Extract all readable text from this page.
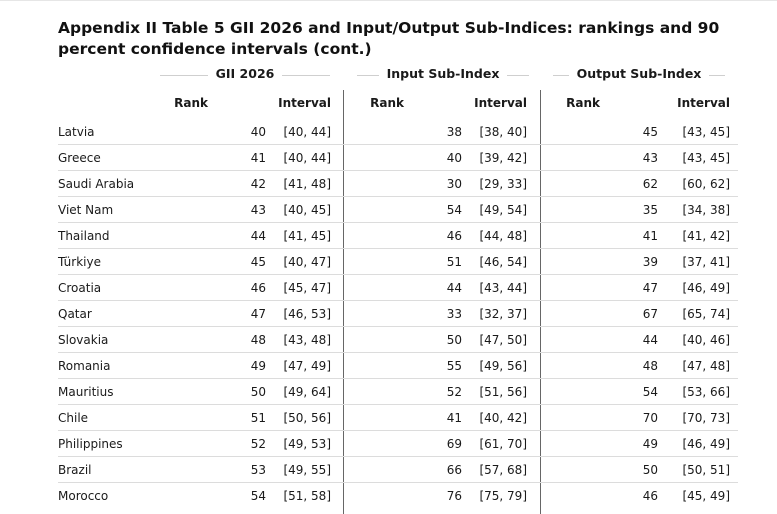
Appendix II Table 5 GII 2026 and Input/Output Sub-Indices: rankings and 90 percent confidence intervals (cont.)
GII 2026	Input Sub-Index	Output Sub-Index
Rank	Interval	Rank	Interval	Rank	Interval
Latvia	40 [40, 44]	38 [38, 40]	45 [43, 45]
Greece	41 [40, 44]	40 [39, 42]	43 [43, 45]
Saudi Arabia	42 [41, 48]	30 [29, 33]	62 [60, 62]
Viet Nam	43 [40, 45]	54 [49, 54]	35 [34, 38]
Thailand	44 [41, 45]	46 [44, 48]	41 [41, 42]
Türkiye	45 [40, 47]	51 [46, 54]	39 [37, 41]
Croatia	46 [45, 47]	44 [43, 44]	47 [46, 49]
Qatar	47 [46, 53]	33 [32, 37]	67 [65, 74]
Slovakia	48 [43, 48]	50 [47, 50]	44 [40, 46]
Romania	49 [47, 49]	55 [49, 56]	48 [47, 48]
Mauritius	50 [49, 64]	52 [51, 56]	54 [53, 66]
Chile	51 [50, 56]	41 [40, 42]	70 [70, 73]
Philippines	52 [49, 53]	69 [61, 70]	49 [46, 49]
Brazil	53 [49, 55]	66 [57, 68]	50 [50, 51]
Morocco	54 [51, 58]	76 [75, 79]	46 [45, 49]
